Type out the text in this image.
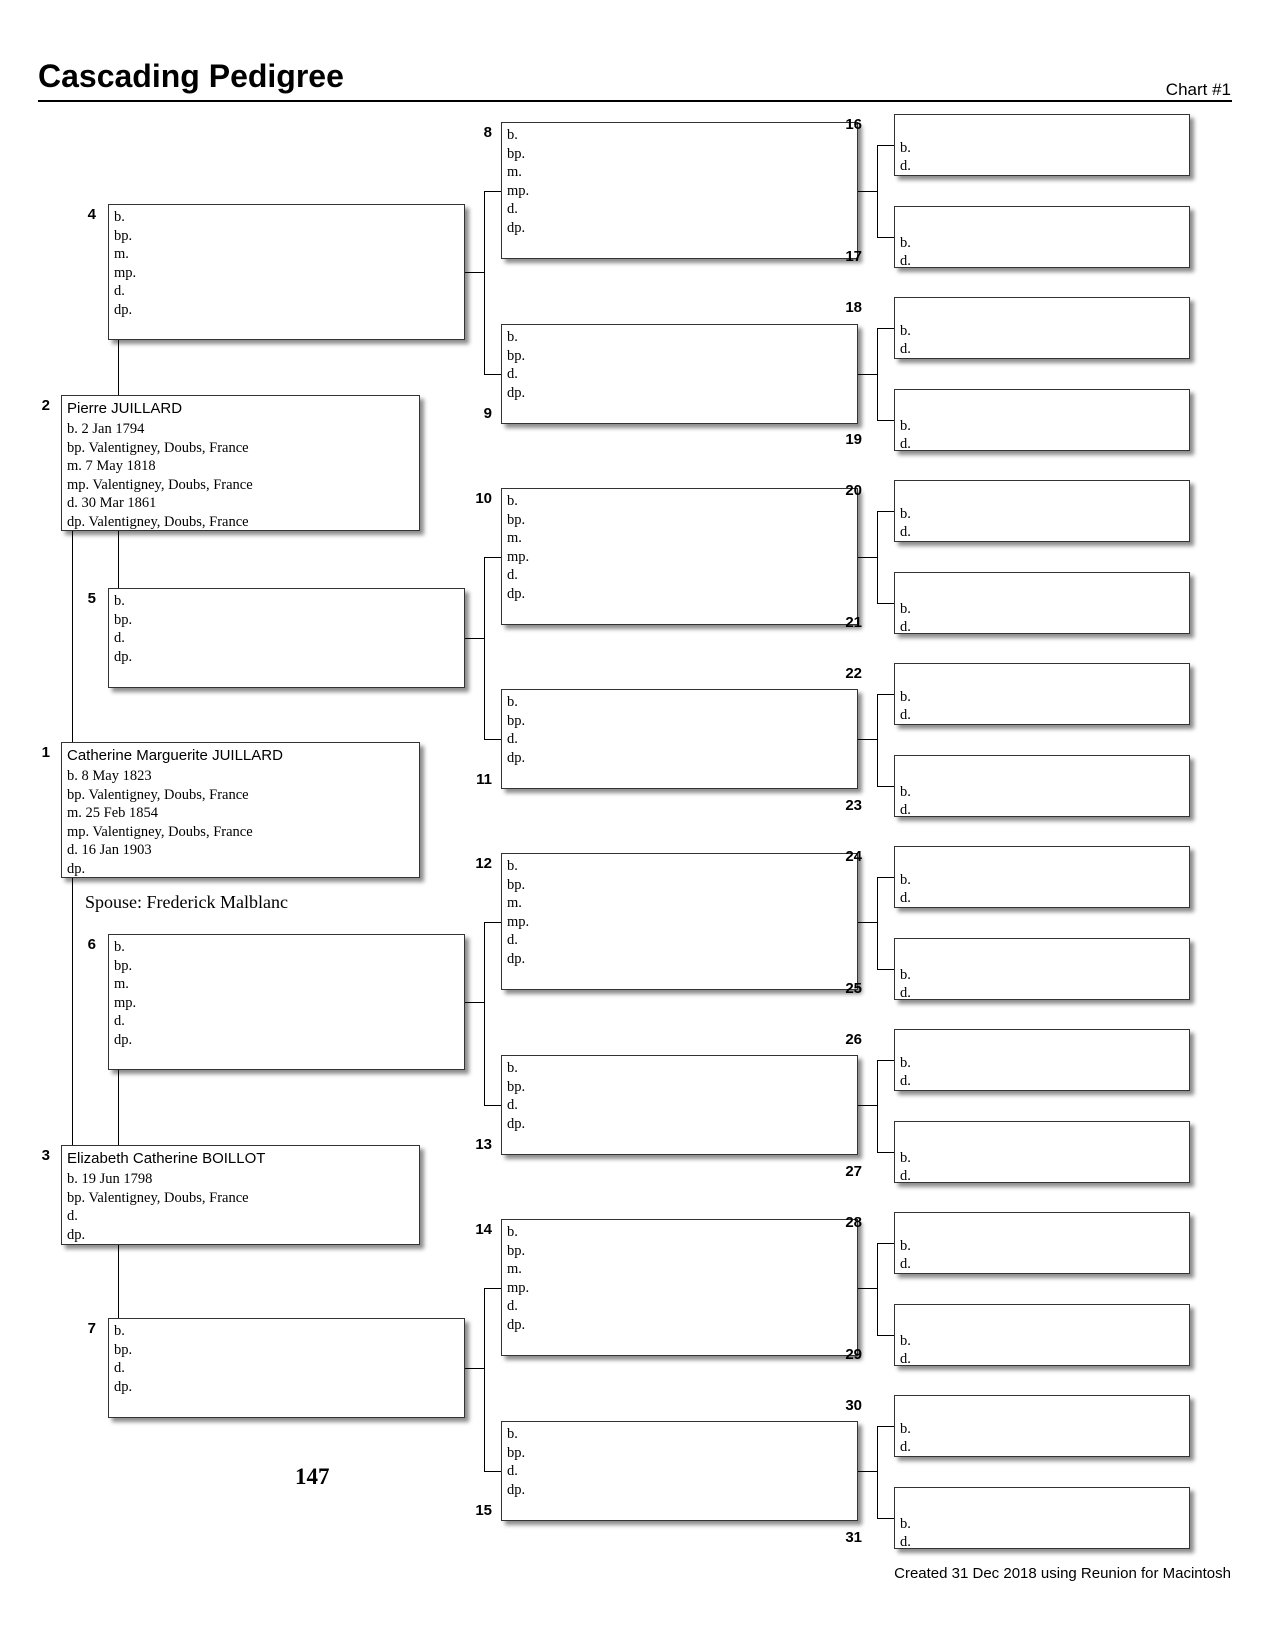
Cascading Pedigree	Chart #1
Catherine Marguerite JUILLARD
b. 8 May 1823
bp. Valentigney, Doubs, France
m. 25 Feb 1854
mp. Valentigney, Doubs, France
d. 16 Jan 1903
dp.
1
Pierre JUILLARD
b. 2 Jan 1794
bp. Valentigney, Doubs, France
m. 7 May 1818
mp. Valentigney, Doubs, France
d. 30 Mar 1861
dp. Valentigney, Doubs, France
2
Elizabeth Catherine BOILLOT
b. 19 Jun 1798
bp. Valentigney, Doubs, France
d.
dp.
3
b.
bp.
m.
mp.
d.
dp.
4
b.
bp.
d.
dp.
5
b.
bp.
m.
mp.
d.
dp.
6
b.
bp.
d.
dp.
7
b.
bp.
m.
mp.
d.
dp.
8
b.
bp.
d.
dp.
9
b.
bp.
m.
mp.
d.
dp.
10
b.
bp.
d.
dp.
11
b.
bp.
m.
mp.
d.
dp.
12
b.
bp.
d.
dp.
13
b.
bp.
m.
mp.
d.
dp.
14
b.
bp.
d.
dp.
15
b.
d.
16
b.
d.
17
b.
d.
18
b.
d.
19
b.
d.
20
b.
d.
21
b.
d.
22
b.
d.
23
b.
d.
24
b.
d.
25
b.
d.
26
b.
d.
27
b.
d.
28
b.
d.
29
b.
d.
30
b.
d.
31
Spouse: Frederick Malblanc
147
Created 31 Dec 2018 using Reunion for Macintosh
